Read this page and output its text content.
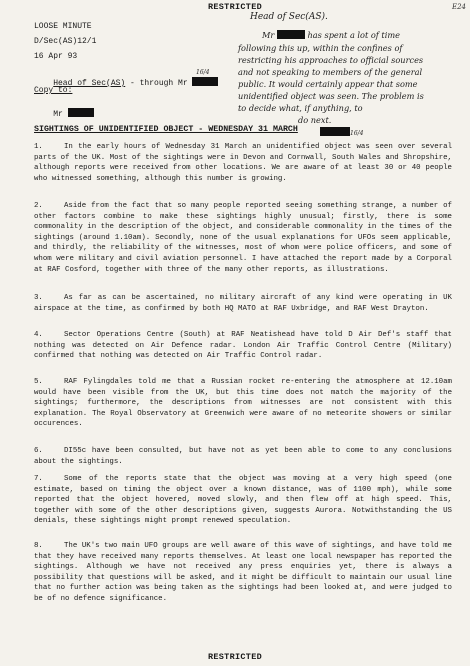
RESTRICTED	E24
LOOSE MINUTE
D/Sec(AS)12/1
16 Apr 93

Head of Sec(AS) - through Mr

Copy to:

Mr

Head of Sec(AS).
Mr	has spent a lot of time
following this up, within the confines of
restricting his approaches to official sources
and not speaking to members of the general
public. It would certainly appear that some
unidentified object was seen. The problem is
to decide what, if anything, to
do next.
16/4
16/4
SIGHTINGS OF UNIDENTIFIED OBJECT - WEDNESDAY 31 MARCH
1.	In the early hours of Wednesday 31 March an unidentified object was seen over several parts of the UK. Most of the sightings were in Devon and Cornwall, South Wales and Shropshire, although reports were received from other locations. We are aware of at least 30 or 40 people who witnessed something, although this number is growing.
2.	Aside from the fact that so many people reported seeing something strange, a number of other factors combine to make these sightings highly unusual; firstly, there is some commonality in the description of the object, and considerable commonality in the times of the sightings (around 1.10am). Secondly, none of the usual explanations for UFOs seem applicable, and thirdly, the reliability of the witnesses, most of whom were police officers, and some of whom were military and civil aviation personnel. I have attached the report made by a Corporal at RAF Cosford, together with three of the many other reports, as illustrations.
3.	As far as can be ascertained, no military aircraft of any kind were operating in UK airspace at the time, as confirmed by both HQ MATO at RAF Uxbridge, and RAF West Drayton.
4.	Sector Operations Centre (South) at RAF Neatishead have told D Air Def's staff that nothing was detected on Air Defence radar. London Air Traffic Control Centre (Military) confirmed that nothing was detected on Air Traffic Control radar.
5.	RAF Fylingdales told me that a Russian rocket re-entering the atmosphere at 12.10am would have been visible from the UK, but this time does not match the majority of the sightings; furthermore, the descriptions from witnesses are not consistent with this explanation. The Royal Observatory at Greenwich were aware of no meteorite showers or similar occurences.
6.	DI55c have been consulted, but have not as yet been able to come to any conclusions about the sightings.
7.	Some of the reports state that the object was moving at a very high speed (one estimate, based on timing the object over a known distance, was of 1100 mph), while some reported that the object hovered, moved slowly, and then flew off at high speed. This, together with some of the other descriptions given, suggests Aurora. Notwithstanding the US denials, these sightings might prompt renewed speculation.
8.	The UK's two main UFO groups are well aware of this wave of sightings, and have told me that they have received many reports themselves. At least one local newspaper has reported the sightings. Although we have not received any press enquiries yet, there is always a possibility that questions will be asked, and it might be difficult to maintain our usual line that no further action was being taken as the sightings had been looked at, and were judged to be of no defence significance.
RESTRICTED
